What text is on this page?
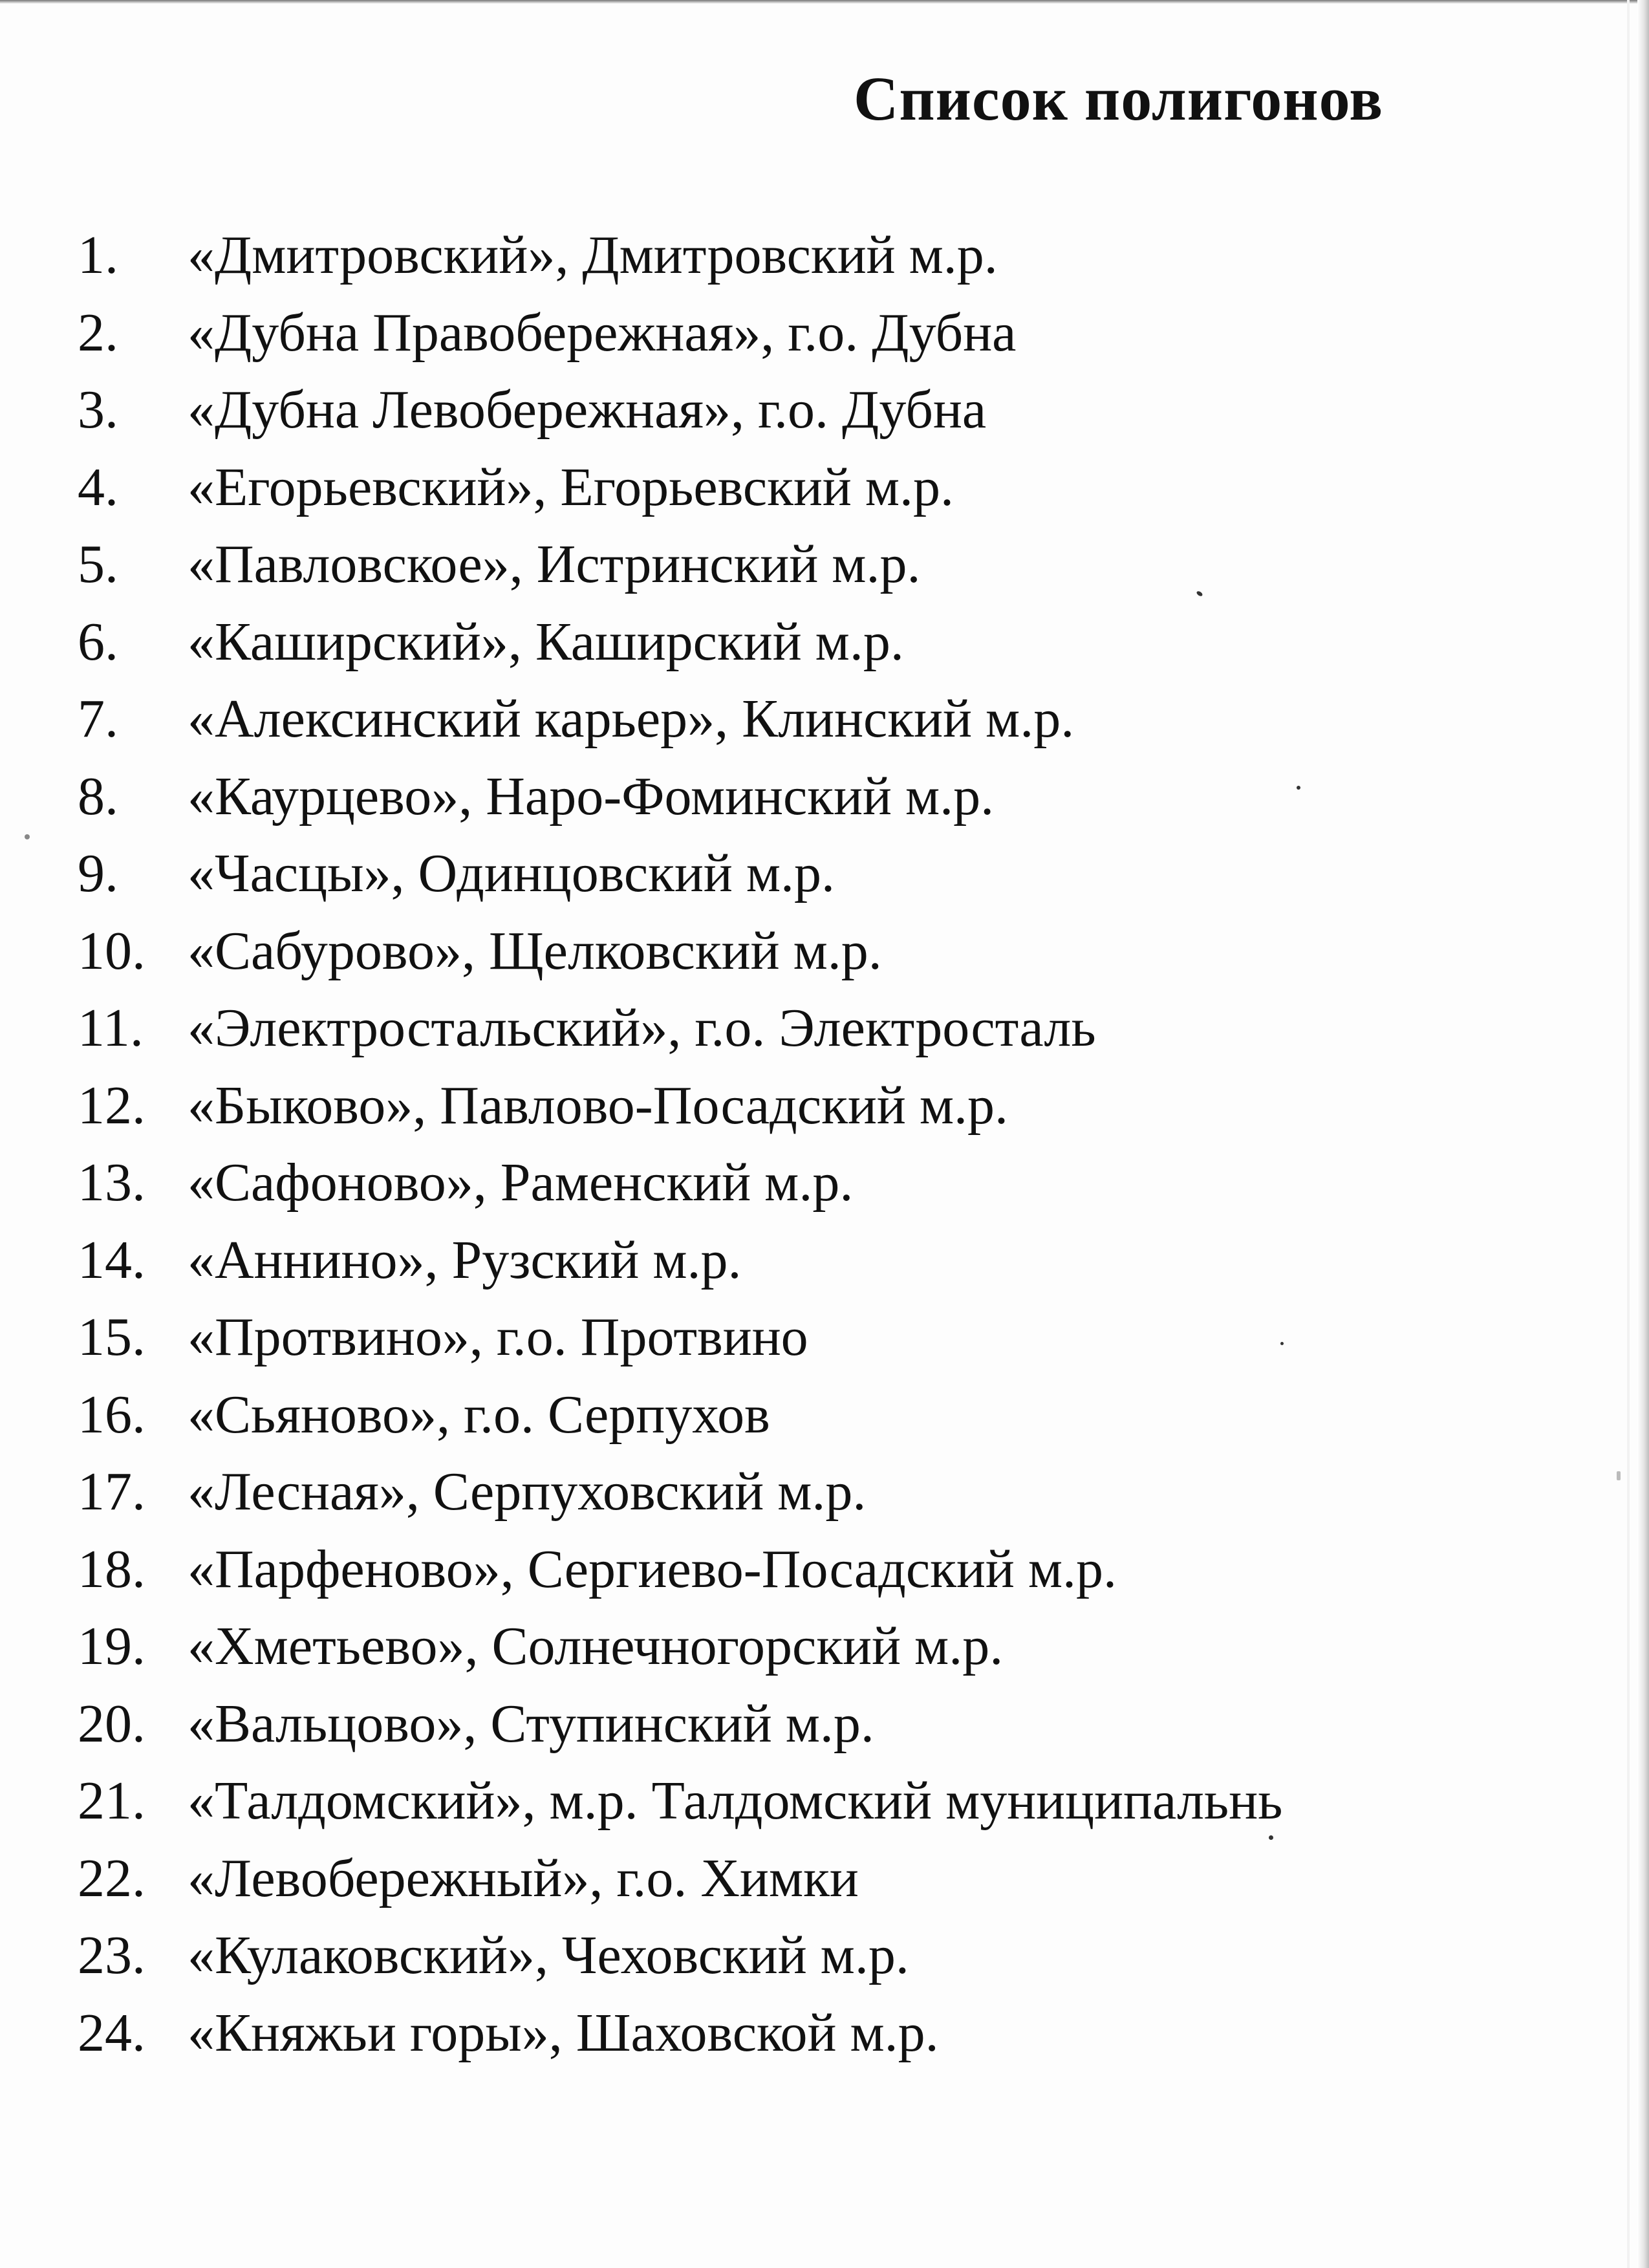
Список полигонов
1.	«Дмитровский», Дмитровский м.р.
2.	«Дубна Правобережная», г.о. Дубна
3.	«Дубна Левобережная», г.о. Дубна
4.	«Егорьевский», Егорьевский м.р.
5.	«Павловское», Истринский м.р.
6.	«Каширский», Каширский м.р.
7.	«Алексинский карьер», Клинский м.р.
8.	«Каурцево», Наро-Фоминский м.р.
9.	«Часцы», Одинцовский м.р.
10. «Сабурово», Щелковский м.р.
11. «Электростальский», г.о. Электросталь
12. «Быково», Павлово-Посадский м.р.
13. «Сафоново», Раменский м.р.
14. «Аннино», Рузский м.р.
15. «Протвино», г.о. Протвино
16. «Сьяново», г.о. Серпухов
17. «Лесная», Серпуховский м.р.
18. «Парфеново», Сергиево-Посадский м.р.
19. «Хметьево», Солнечногорский м.р.
20. «Вальцово», Ступинский м.р.
21. «Талдомский», м.р. Талдомский муниципальнь
22. «Левобережный», г.о. Химки
23. «Кулаковский», Чеховский м.р.
24. «Княжьи горы», Шаховской м.р.
